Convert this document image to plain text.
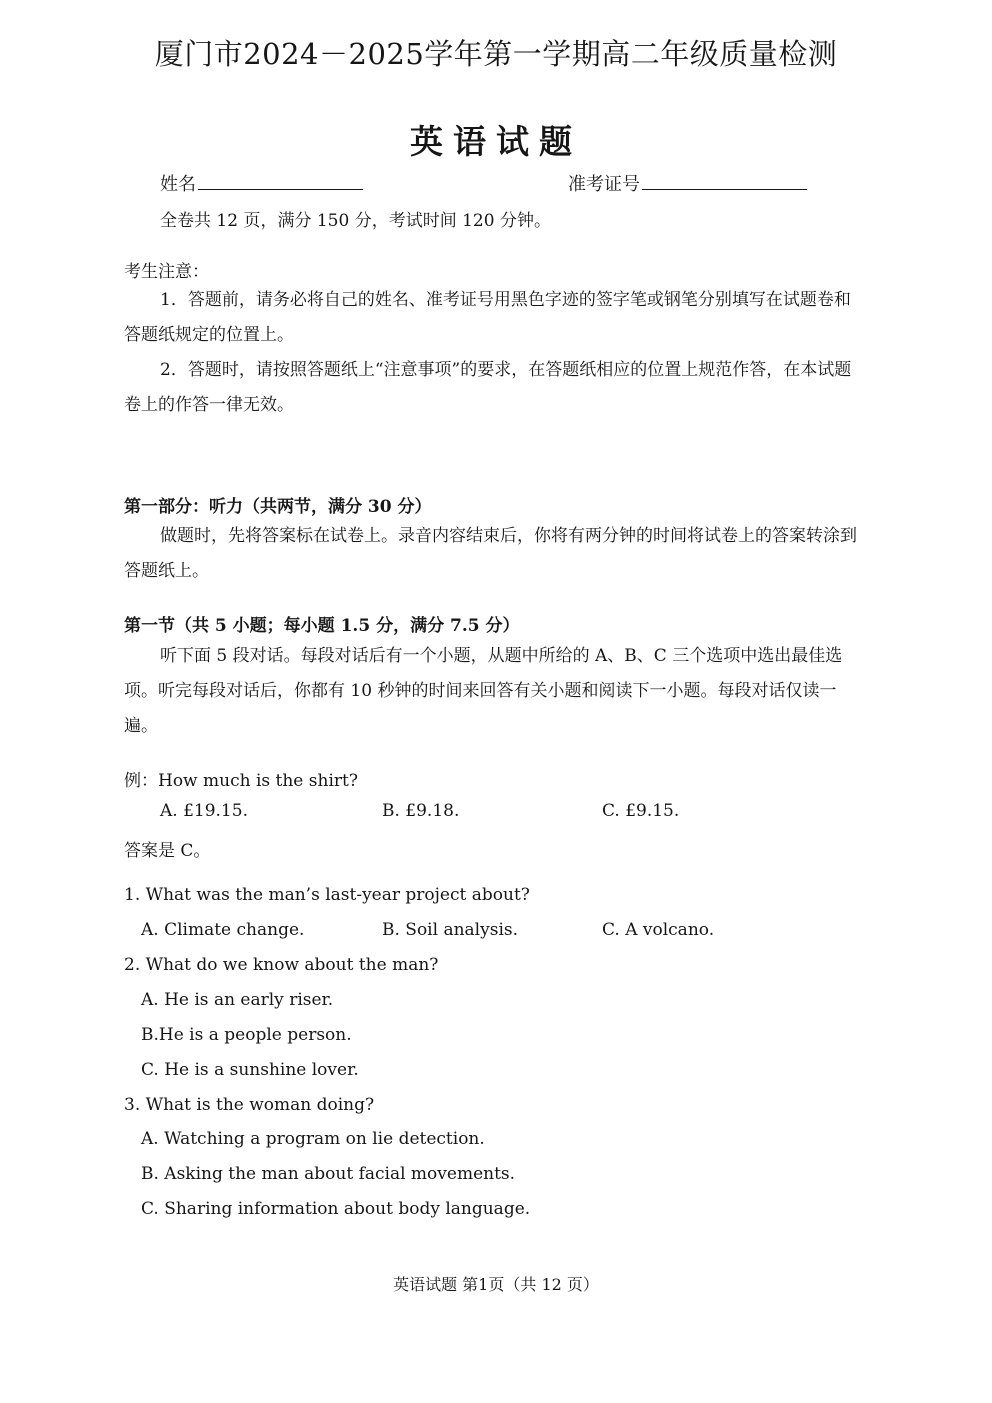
厦门市2024－2025学年第一学期高二年级质量检测
英语试题
姓名	准考证号
全卷共 12 页，满分 150 分，考试时间 120 分钟。
考生注意：
1．答题前，请务必将自己的姓名、准考证号用黑色字迹的签字笔或钢笔分别填写在试题卷和答题纸规定的位置上。
2．答题时，请按照答题纸上“注意事项”的要求，在答题纸相应的位置上规范作答，在本试题卷上的作答一律无效。
第一部分：听力（共两节，满分 30 分）
做题时，先将答案标在试卷上。录音内容结束后，你将有两分钟的时间将试卷上的答案转涂到答题纸上。
第一节（共 5 小题；每小题 1.5 分，满分 7.5 分）
听下面 5 段对话。每段对话后有一个小题，从题中所给的 A、B、C 三个选项中选出最佳选项。听完每段对话后，你都有 10 秒钟的时间来回答有关小题和阅读下一小题。每段对话仅读一遍。
例：How much is the shirt?
A. £19.15.	B. £9.18.	C. £9.15.
答案是 C。
1. What was the man’s last-year project about?
A. Climate change.	B. Soil analysis.	C. A volcano.
2. What do we know about the man?
A. He is an early riser.
B.He is a people person.
C. He is a sunshine lover.
3. What is the woman doing?
A. Watching a program on lie detection.
B. Asking the man about facial movements.
C. Sharing information about body language.
英语试题 第1页（共 12 页）
